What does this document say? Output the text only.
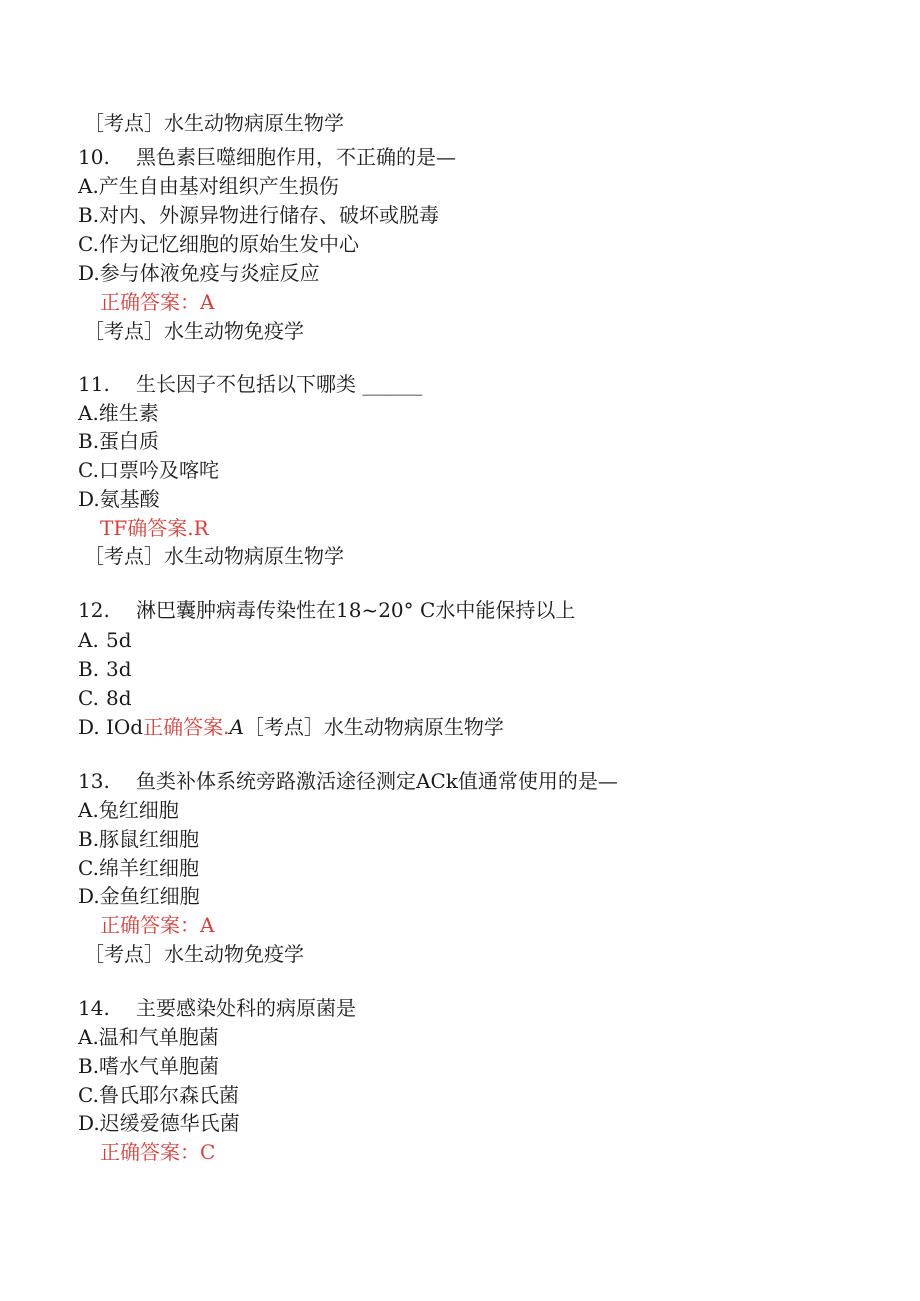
［考点］水生动物病原生物学
10. 黑色素巨噬细胞作用，不正确的是—
A.产生自由基对组织产生损伤
B.对内、外源异物进行储存、破坏或脱毒
C.作为记忆细胞的原始生发中心
D.参与体液免疫与炎症反应
正确答案：A
［考点］水生动物免疫学
11. 生长因子不包括以下哪类 ______
A.维生素
B.蛋白质
C.口票吟及喀咤
D.氨基酸
TF确答案.R
［考点］水生动物病原生物学
12. 淋巴囊肿病毒传染性在18~20° C水中能保持以上
A. 5d
B. 3d
C. 8d
D. IOd正确答案.A［考点］水生动物病原生物学
13. 鱼类补体系统旁路激活途径测定ACk值通常使用的是—
A.兔红细胞
B.豚鼠红细胞
C.绵羊红细胞
D.金鱼红细胞
正确答案：A
［考点］水生动物免疫学
14. 主要感染处科的病原菌是
A.温和气单胞菌
B.嗜水气单胞菌
C.鲁氏耶尔森氏菌
D.迟缓爱德华氏菌
正确答案：C
